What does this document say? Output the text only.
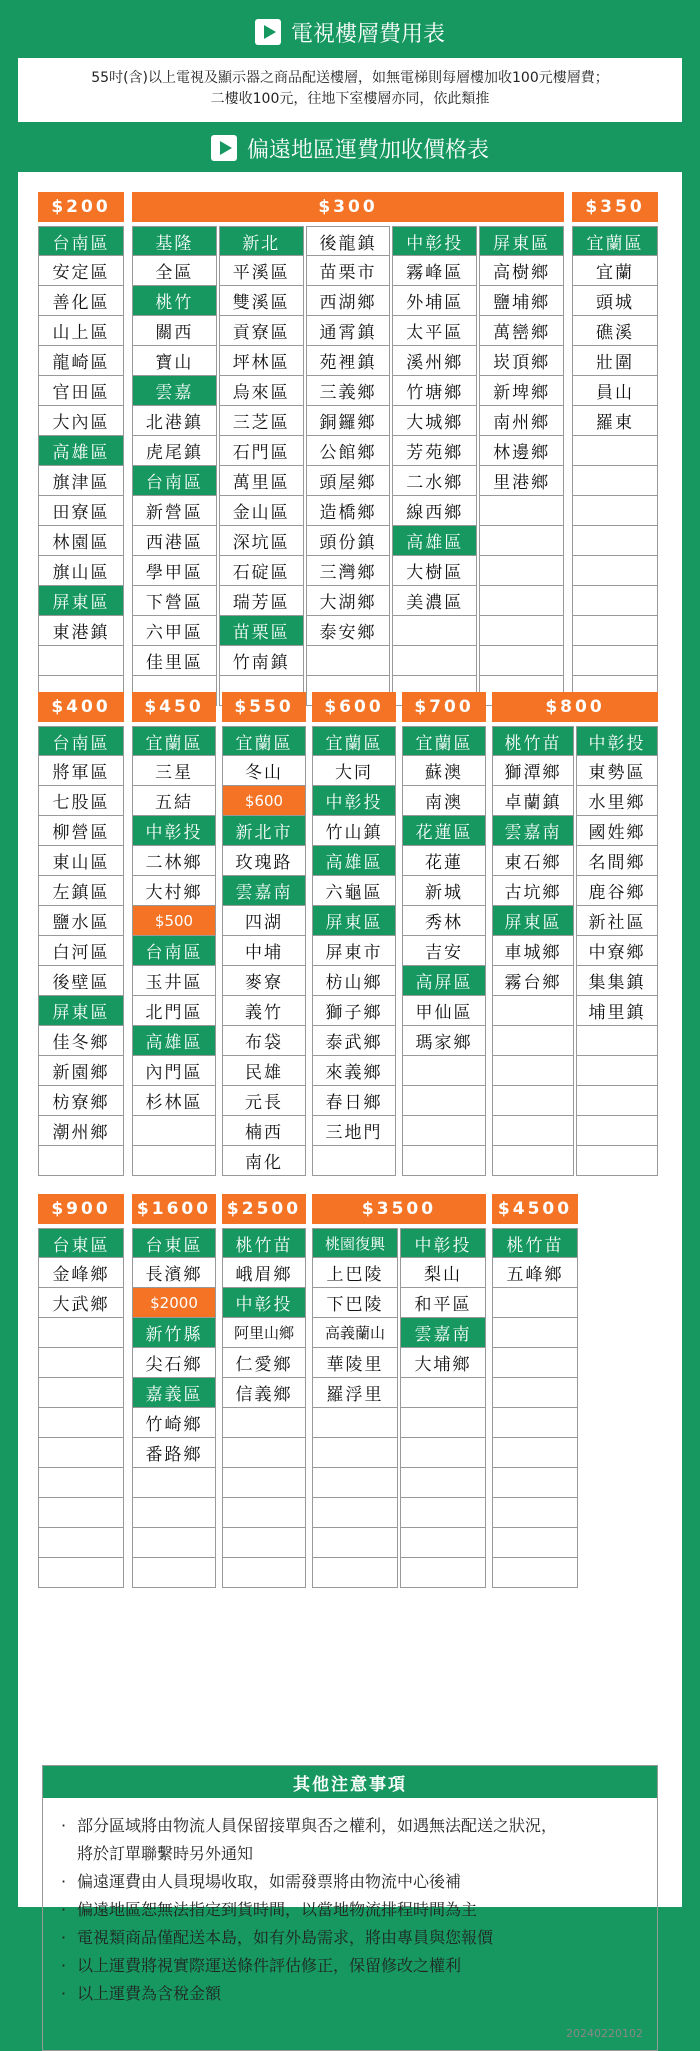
電視樓層費用表
55吋(含)以上電視及顯示器之商品配送樓層，如無電梯則每層樓加收100元樓層費；
二樓收100元，往地下室樓層亦同，依此類推
偏遠地區運費加收價格表
其他注意事項
· 部分區域將由物流人員保留接單與否之權利，如遇無法配送之狀況，
將於訂單聯繫時另外通知
· 偏遠運費由人員現場收取，如需發票將由物流中心後補
· 偏遠地區恕無法指定到貨時間，以當地物流排程時間為主
· 電視類商品僅配送本島，如有外島需求，將由專員與您報價
· 以上運費將視實際運送條件評估修正，保留修改之權利
· 以上運費為含稅金額
20240220102
$200
台南區
安定區
善化區
山上區
龍崎區
官田區
大內區
高雄區
旗津區
田寮區
林園區
旗山區
屏東區
東港鎮
$300
基隆
全區
桃竹
關西
寶山
雲嘉
北港鎮
虎尾鎮
台南區
新營區
西港區
學甲區
下營區
六甲區
佳里區
新北
平溪區
雙溪區
貢寮區
坪林區
烏來區
三芝區
石門區
萬里區
金山區
深坑區
石碇區
瑞芳區
苗栗區
竹南鎮
後龍鎮
苗栗市
西湖鄉
通霄鎮
苑裡鎮
三義鄉
銅鑼鄉
公館鄉
頭屋鄉
造橋鄉
頭份鎮
三灣鄉
大湖鄉
泰安鄉
中彰投
霧峰區
外埔區
太平區
溪州鄉
竹塘鄉
大城鄉
芳苑鄉
二水鄉
線西鄉
高雄區
大樹區
美濃區
屏東區
高樹鄉
鹽埔鄉
萬巒鄉
崁頂鄉
新埤鄉
南州鄉
林邊鄉
里港鄉
$350
宜蘭區
宜蘭
頭城
礁溪
壯圍
員山
羅東
$400
台南區
將軍區
七股區
柳營區
東山區
左鎮區
鹽水區
白河區
後壁區
屏東區
佳冬鄉
新園鄉
枋寮鄉
潮州鄉
$450
宜蘭區
三星
五結
中彰投
二林鄉
大村鄉
$500
台南區
玉井區
北門區
高雄區
內門區
杉林區
$550
宜蘭區
冬山
$600
新北市
玫瑰路
雲嘉南
四湖
中埔
麥寮
義竹
布袋
民雄
元長
楠西
南化
$600
宜蘭區
大同
中彰投
竹山鎮
高雄區
六龜區
屏東區
屏東市
枋山鄉
獅子鄉
泰武鄉
來義鄉
春日鄉
三地門
$700
宜蘭區
蘇澳
南澳
花蓮區
花蓮
新城
秀林
吉安
高屏區
甲仙區
瑪家鄉
$800
桃竹苗
獅潭鄉
卓蘭鎮
雲嘉南
東石鄉
古坑鄉
屏東區
車城鄉
霧台鄉
中彰投
東勢區
水里鄉
國姓鄉
名間鄉
鹿谷鄉
新社區
中寮鄉
集集鎮
埔里鎮
$900
台東區
金峰鄉
大武鄉
$1600
台東區
長濱鄉
$2000
新竹縣
尖石鄉
嘉義區
竹崎鄉
番路鄉
$2500
桃竹苗
峨眉鄉
中彰投
阿里山鄉
仁愛鄉
信義鄉
$3500
桃園復興
上巴陵
下巴陵
高義蘭山
華陵里
羅浮里
中彰投
梨山
和平區
雲嘉南
大埔鄉
$4500
桃竹苗
五峰鄉
